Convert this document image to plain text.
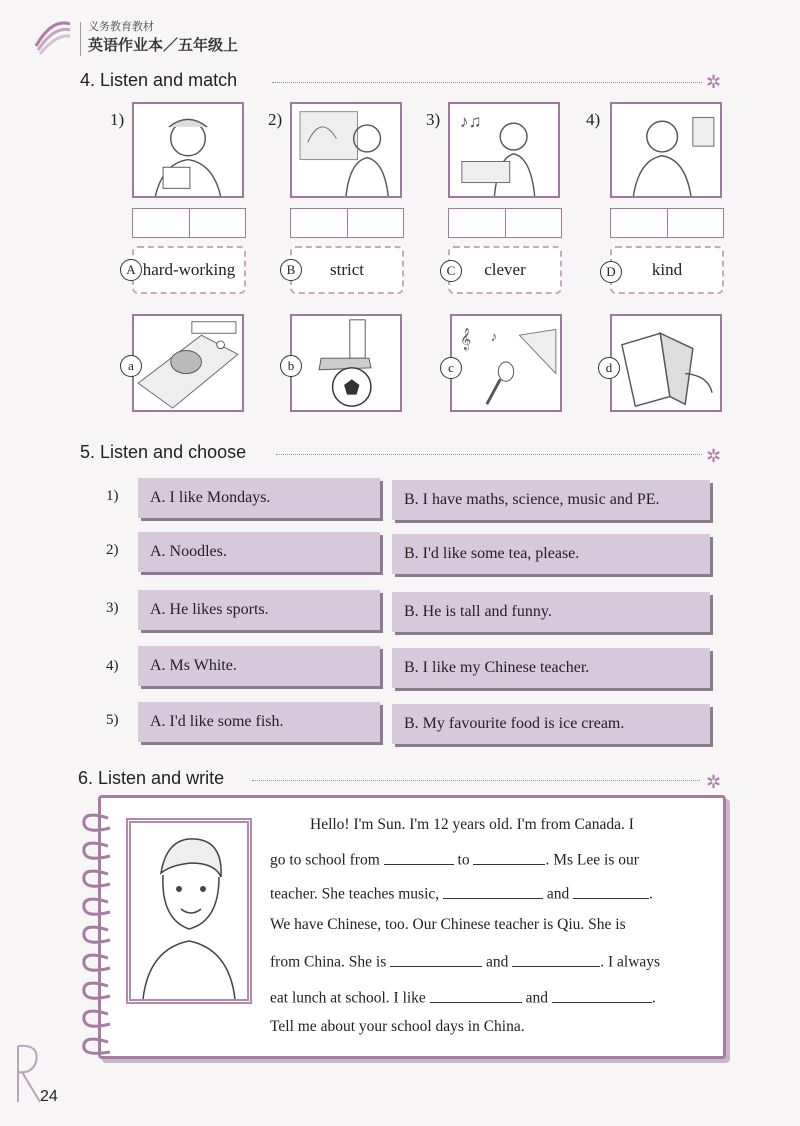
义务教育教材
英语作业本／五年级上
4. Listen and match	✲
1)	2)	3) ♪♫	4)
hard-working
A	strict
B	clever
C	kind
D
a	b
𝄞 ♪
c	d
5. Listen and choose	✲
1)	A. I like Mondays.	B. I have maths, science, music and PE.
2)	A. Noodles.	B. I'd like some tea, please.
3)	A. He likes sports.	B. He is tall and funny.
4)	A. Ms White.	B. I like my Chinese teacher.
5)	A. I'd like some fish.	B. My favourite food is ice cream.
6. Listen and write	✲
Hello! I'm Sun. I'm 12 years old. I'm from Canada. I
go to school from	to	. Ms Lee is our
teacher. She teaches music,	and	.
We have Chinese, too. Our Chinese teacher is Qiu. She is
from China. She is	and	. I always
eat lunch at school. I like	and	.
Tell me about your school days in China.
24
